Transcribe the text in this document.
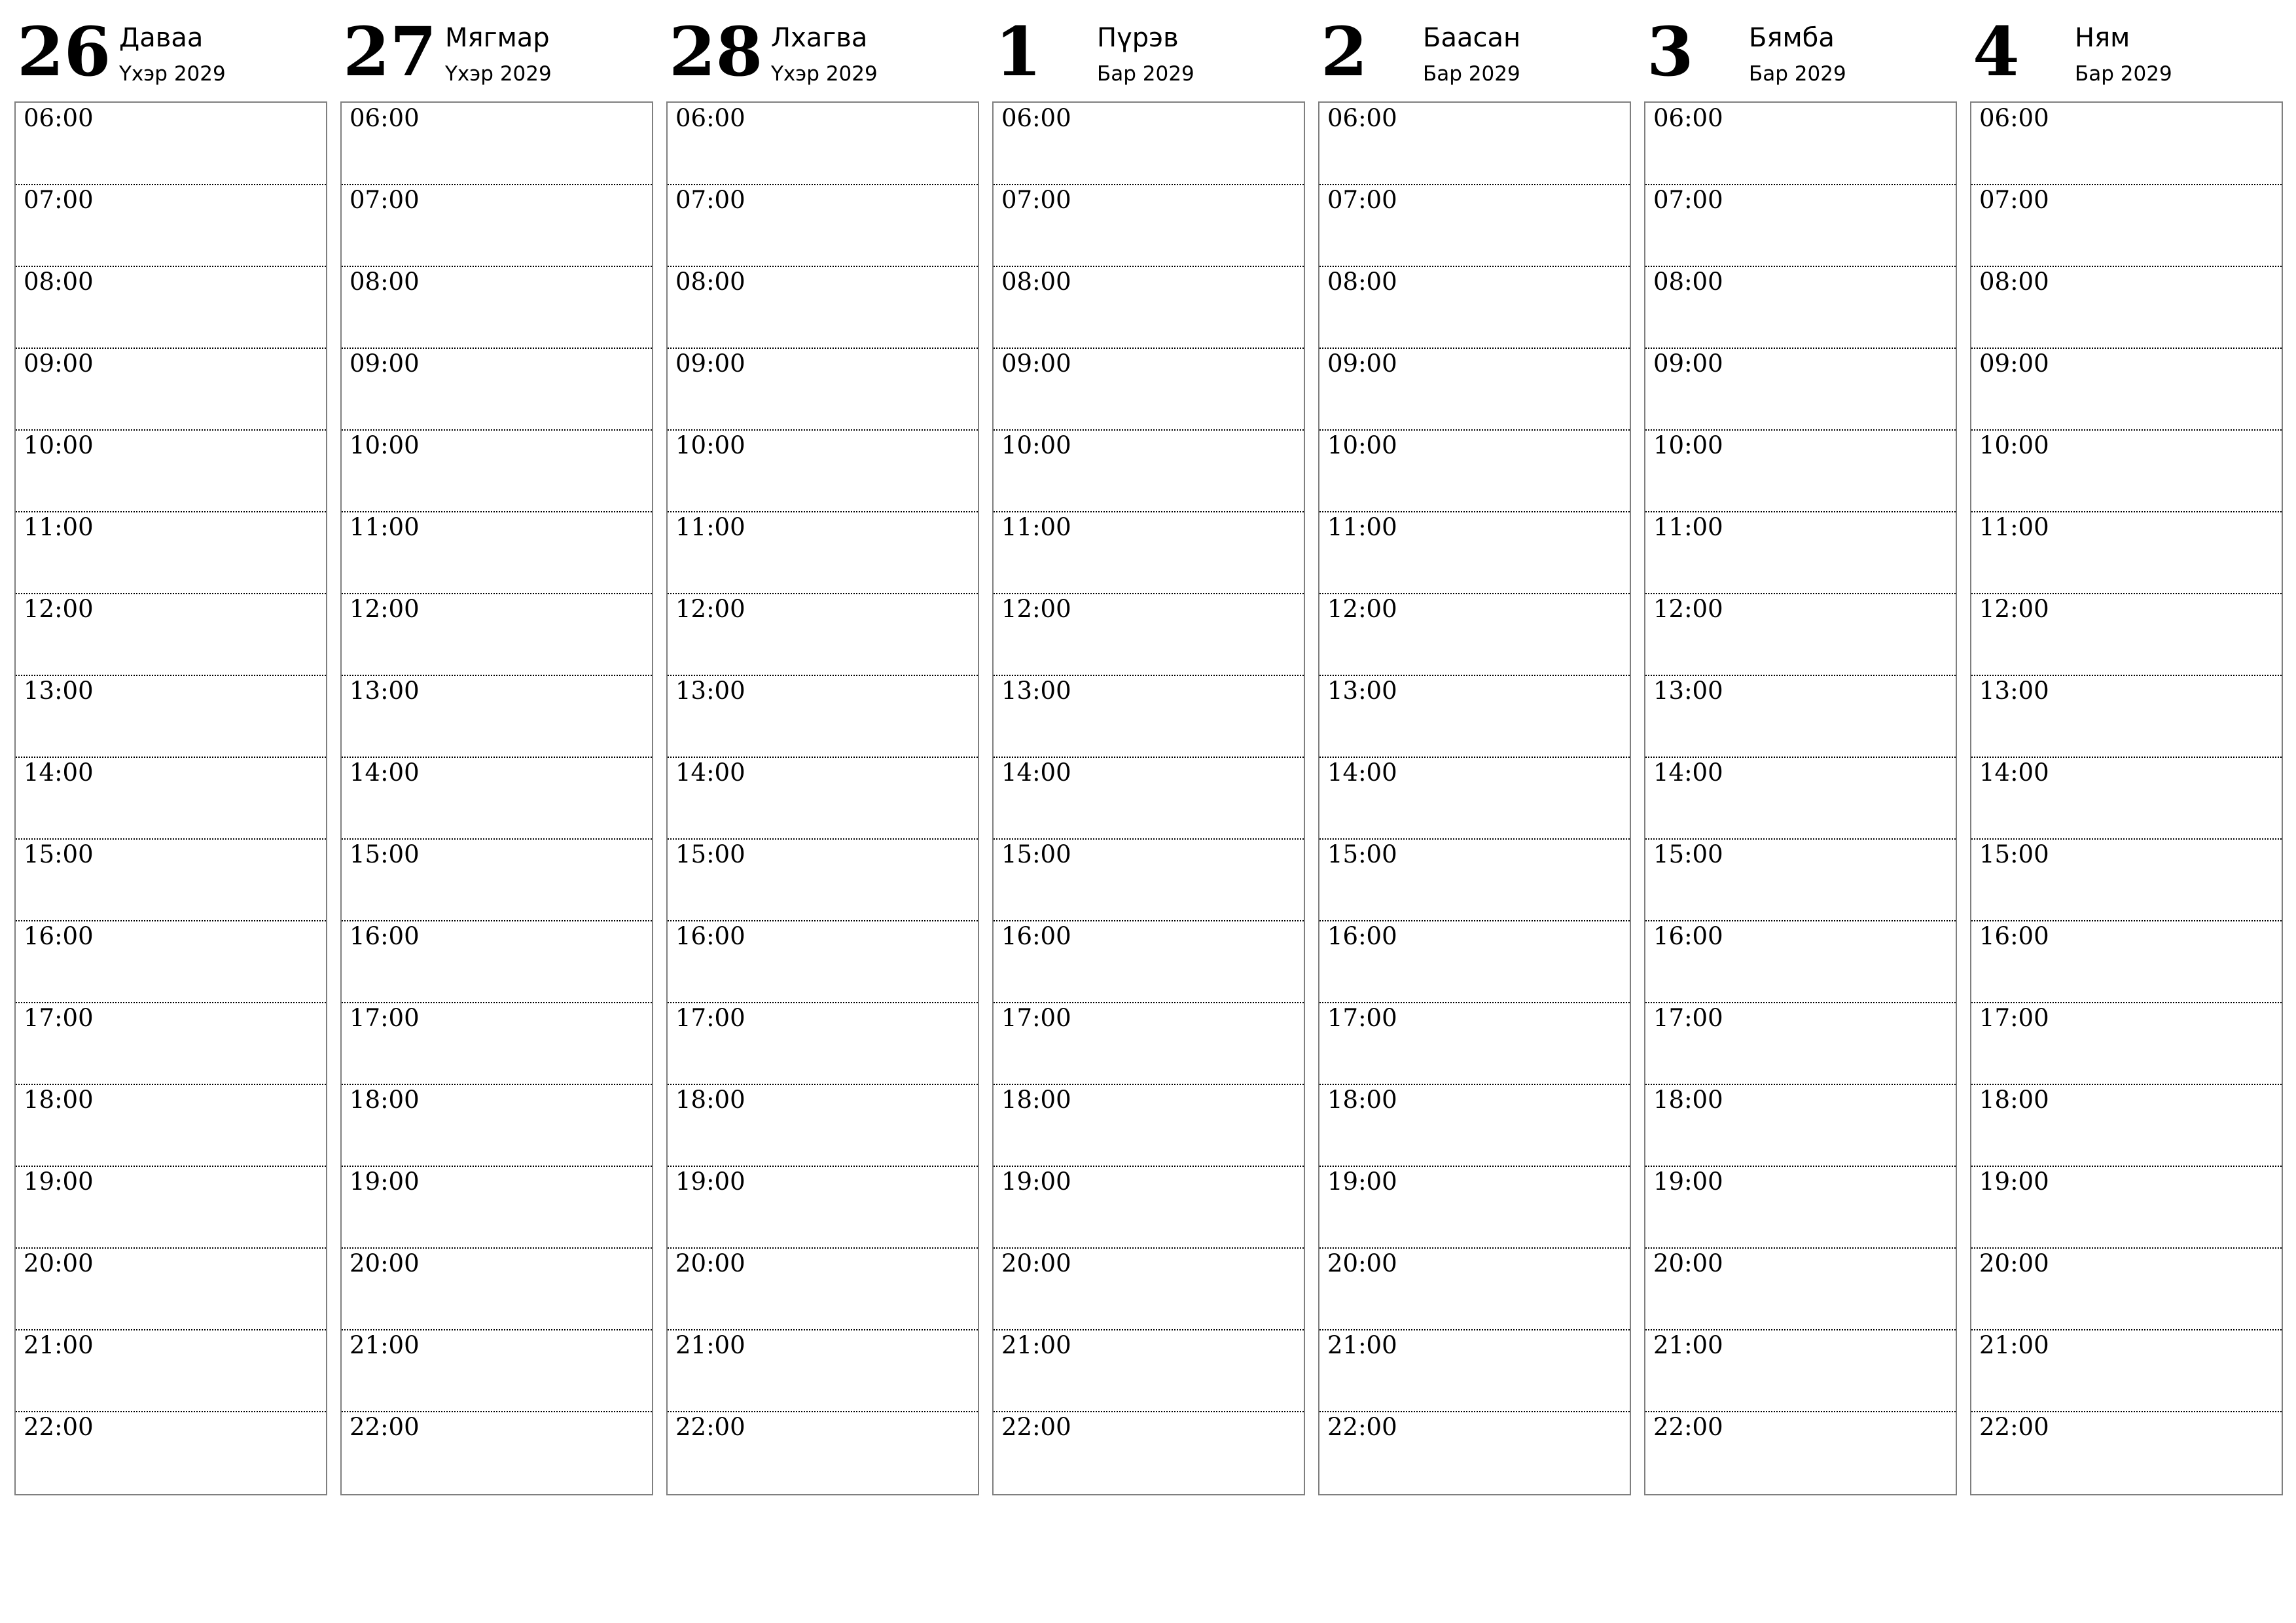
26 Даваа
Үхэр 2029
06:00
07:00
08:00
09:00
10:00
11:00
12:00
13:00
14:00
15:00
16:00
17:00
18:00
19:00
20:00
21:00
22:00
27 Мягмар
Үхэр 2029
06:00
07:00
08:00
09:00
10:00
11:00
12:00
13:00
14:00
15:00
16:00
17:00
18:00
19:00
20:00
21:00
22:00
28 Лхагва
Үхэр 2029
06:00
07:00
08:00
09:00
10:00
11:00
12:00
13:00
14:00
15:00
16:00
17:00
18:00
19:00
20:00
21:00
22:00
1 Пүрэв
Бар 2029
06:00
07:00
08:00
09:00
10:00
11:00
12:00
13:00
14:00
15:00
16:00
17:00
18:00
19:00
20:00
21:00
22:00
2 Баасан
Бар 2029
06:00
07:00
08:00
09:00
10:00
11:00
12:00
13:00
14:00
15:00
16:00
17:00
18:00
19:00
20:00
21:00
22:00
3 Бямба
Бар 2029
06:00
07:00
08:00
09:00
10:00
11:00
12:00
13:00
14:00
15:00
16:00
17:00
18:00
19:00
20:00
21:00
22:00
4 Ням
Бар 2029
06:00
07:00
08:00
09:00
10:00
11:00
12:00
13:00
14:00
15:00
16:00
17:00
18:00
19:00
20:00
21:00
22:00
